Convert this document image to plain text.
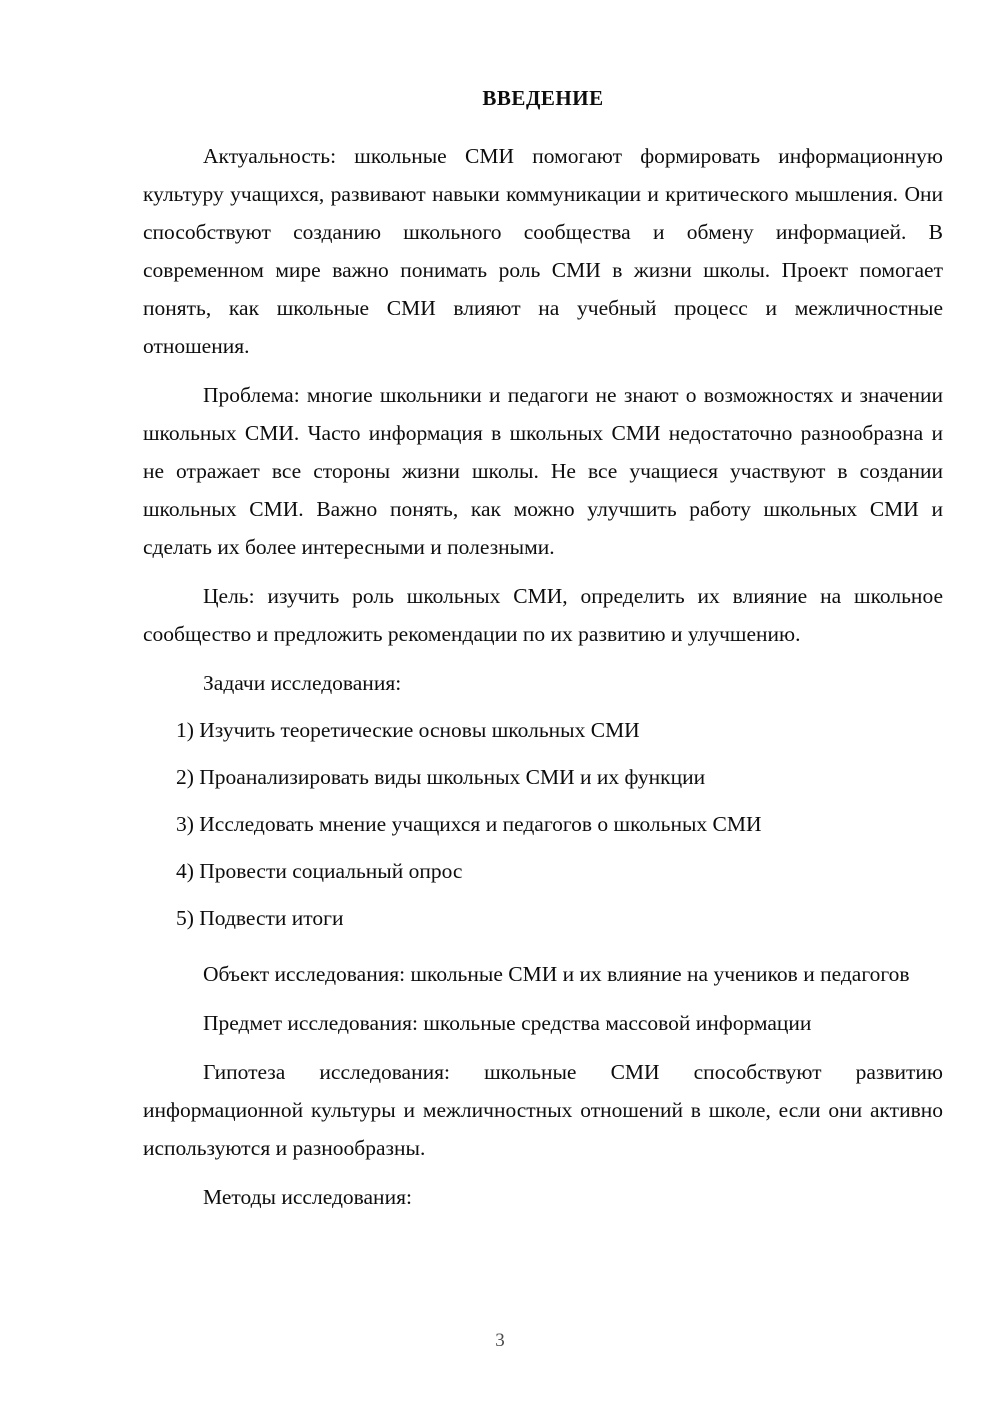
ВВЕДЕНИЕ

Актуальность: школьные СМИ помогают формировать информационную культуру учащихся, развивают навыки коммуникации и критического мышления. Они способствуют созданию школьного сообщества и обмену информацией. В современном мире важно понимать роль СМИ в жизни школы. Проект помогает понять, как школьные СМИ влияют на учебный процесс и межличностные отношения.

Проблема: многие школьники и педагоги не знают о возможностях и значении школьных СМИ. Часто информация в школьных СМИ недостаточно разнообразна и не отражает все стороны жизни школы. Не все учащиеся участвуют в создании школьных СМИ. Важно понять, как можно улучшить работу школьных СМИ и сделать их более интересными и полезными.

Цель: изучить роль школьных СМИ, определить их влияние на школьное сообщество и предложить рекомендации по их развитию и улучшению.

Задачи исследования:

1) Изучить теоретические основы школьных СМИ
2) Проанализировать виды школьных СМИ и их функции
3) Исследовать мнение учащихся и педагогов о школьных СМИ
4) Провести социальный опрос
5) Подвести итоги

Объект исследования: школьные СМИ и их влияние на учеников и педагогов

Предмет исследования: школьные средства массовой информации

Гипотеза исследования: школьные СМИ способствуют развитию информационной культуры и межличностных отношений в школе, если они активно используются и разнообразны.

Методы исследования:

3
